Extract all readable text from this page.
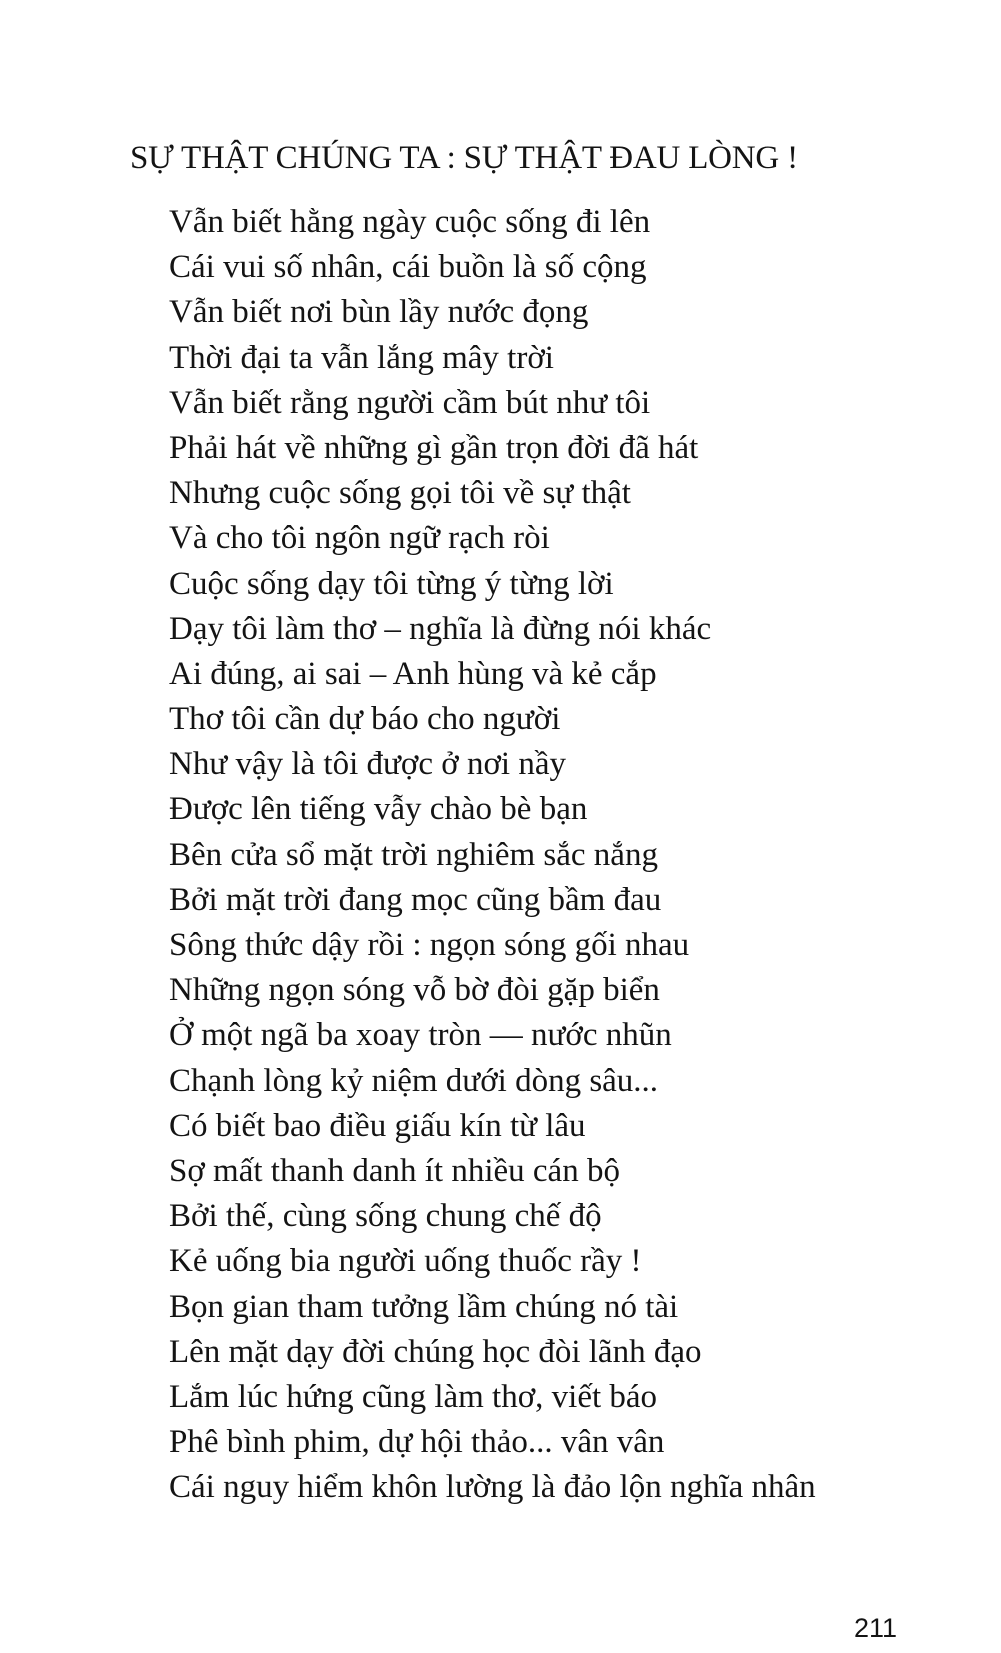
SỰ THẬT CHÚNG TA : SỰ THẬT ĐAU LÒNG !
Vẫn biết hằng ngày cuộc sống đi lên
Cái vui số nhân, cái buồn là số cộng
Vẫn biết nơi bùn lầy nước đọng
Thời đại ta vẫn lắng mây trời
Vẫn biết rằng người cầm bút như tôi
Phải hát về những gì gần trọn đời đã hát
Nhưng cuộc sống gọi tôi về sự thật
Và cho tôi ngôn ngữ rạch ròi
Cuộc sống dạy tôi từng ý từng lời
Dạy tôi làm thơ – nghĩa là đừng nói khác
Ai đúng, ai sai – Anh hùng và kẻ cắp
Thơ tôi cần dự báo cho người
Như vậy là tôi được ở nơi nầy
Được lên tiếng vẫy chào bè bạn
Bên cửa sổ mặt trời nghiêm sắc nắng
Bởi mặt trời đang mọc cũng bầm đau
Sông thức dậy rồi : ngọn sóng gối nhau
Những ngọn sóng vỗ bờ đòi gặp biển
Ở một ngã ba xoay tròn — nước nhũn
Chạnh lòng kỷ niệm dưới dòng sâu...
Có biết bao điều giấu kín từ lâu
Sợ mất thanh danh ít nhiều cán bộ
Bởi thế, cùng sống chung chế độ
Kẻ uống bia người uống thuốc rầy !
Bọn gian tham tưởng lầm chúng nó tài
Lên mặt dạy đời chúng học đòi lãnh đạo
Lắm lúc hứng cũng làm thơ, viết báo
Phê bình phim, dự hội thảo... vân vân
Cái nguy hiểm khôn lường là đảo lộn nghĩa nhân
211
